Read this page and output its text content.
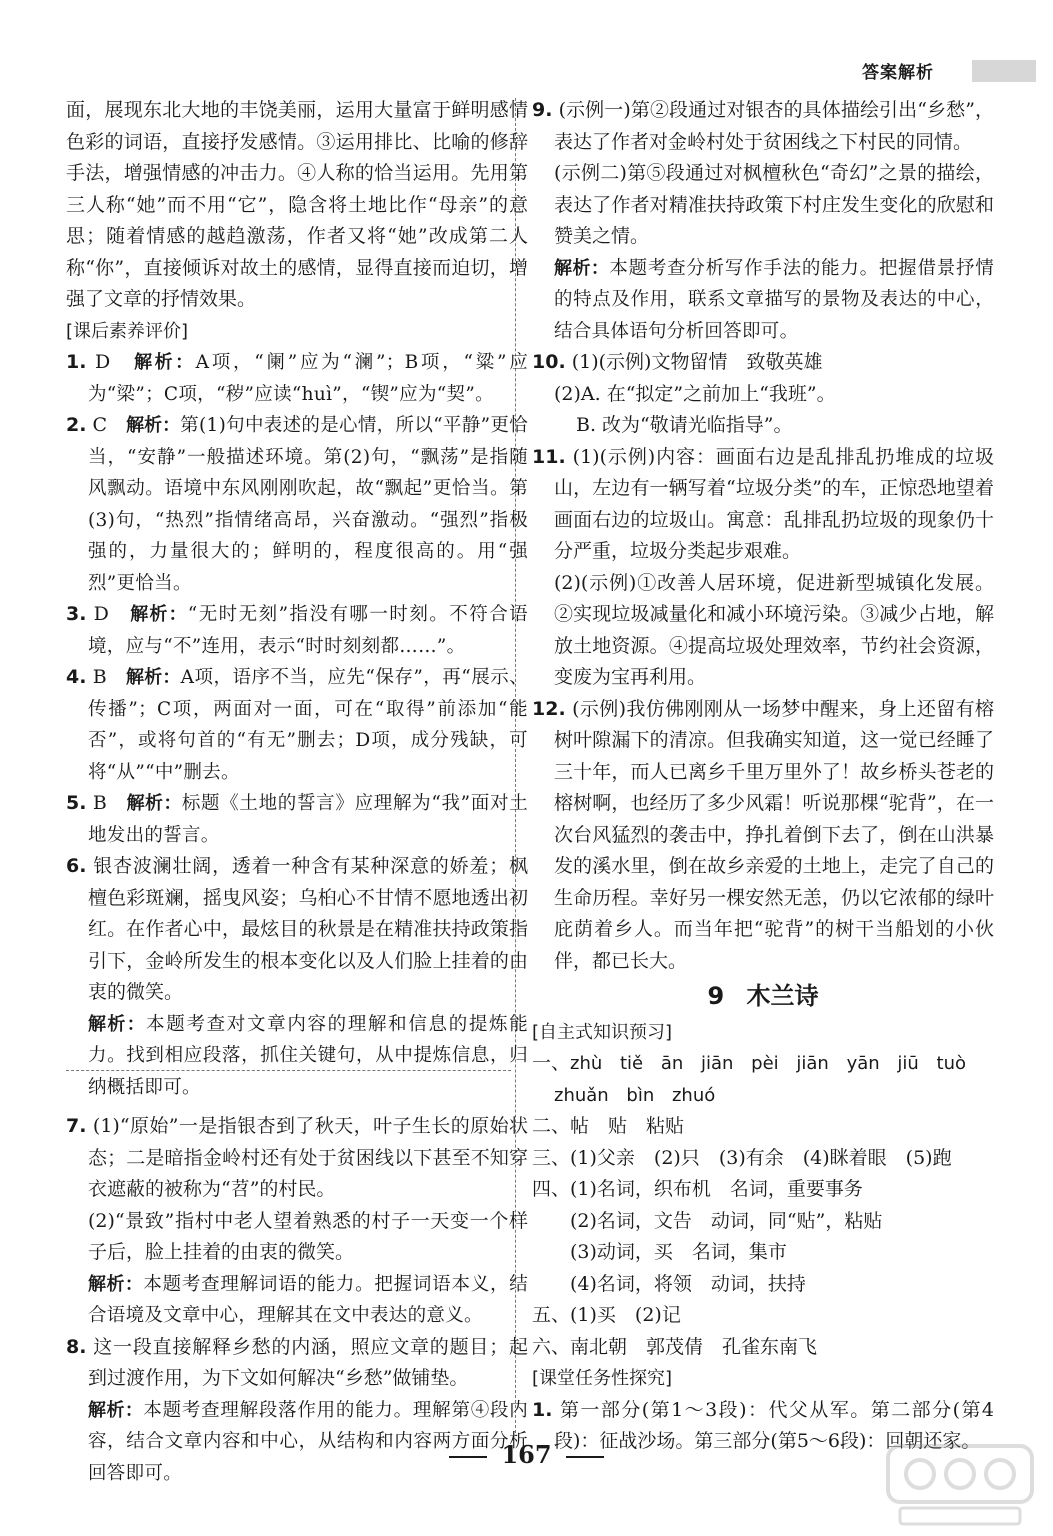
答案解析

面，展现东北大地的丰饶美丽，运用大量富于鲜明感情色彩的词语，直接抒发感情。③运用排比、比喻的修辞手法，增强情感的冲击力。④人称的恰当运用。先用第三人称“她”而不用“它”，隐含将土地比作“母亲”的意思；随着情感的越趋激荡，作者又将“她”改成第二人称“你”，直接倾诉对故土的感情，显得直接而迫切，增强了文章的抒情效果。

[课后素养评价]

1. D　 解析：A项，“阑”应为“澜”；B项，“粱”应为“梁”；C项，“秽”应读“huì”，“锲”应为“契”。

2. C　 解析：第(1)句中表述的是心情，所以“平静”更恰当，“安静”一般描述环境。第(2)句，“飘荡”是指随风飘动。语境中东风刚刚吹起，故“飘起”更恰当。第(3)句，“热烈”指情绪高昂，兴奋激动。“强烈”指极强的，力量很大的；鲜明的，程度很高的。用“强烈”更恰当。

3. D　 解析：“无时无刻”指没有哪一时刻。不符合语境，应与“不”连用，表示“时时刻刻都……”。

4. B　 解析：A项，语序不当，应先“保存”，再“展示、传播”；C项，两面对一面，可在“取得”前添加“能否”，或将句首的“有无”删去；D项，成分残缺，可将“从”“中”删去。

5. B　 解析：标题《土地的誓言》应理解为“我”面对土地发出的誓言。

6. 银杏波澜壮阔，透着一种含有某种深意的娇羞；枫檀色彩斑斓，摇曳风姿；乌桕心不甘情不愿地透出初红。在作者心中，最炫目的秋景是在精准扶持政策指引下，金岭所发生的根本变化以及人们脸上挂着的由衷的微笑。

解析：本题考查对文章内容的理解和信息的提炼能力。找到相应段落，抓住关键句，从中提炼信息，归纳概括即可。

7. (1)“原始”一是指银杏到了秋天，叶子生长的原始状态；二是暗指金岭村还有处于贫困线以下甚至不知穿衣遮蔽的被称为“苕”的村民。

(2)“景致”指村中老人望着熟悉的村子一天变一个样子后，脸上挂着的由衷的微笑。

解析：本题考查理解词语的能力。把握词语本义，结合语境及文章中心，理解其在文中表达的意义。

8. 这一段直接解释乡愁的内涵，照应文章的题目；起到过渡作用，为下文如何解决“乡愁”做铺垫。

解析：本题考查理解段落作用的能力。理解第④段内容，结合文章内容和中心，从结构和内容两方面分析回答即可。

9. (示例一)第②段通过对银杏的具体描绘引出“乡愁”，表达了作者对金岭村处于贫困线之下村民的同情。

(示例二)第⑤段通过对枫檀秋色“奇幻”之景的描绘，表达了作者对精准扶持政策下村庄发生变化的欣慰和赞美之情。

解析：本题考查分析写作手法的能力。把握借景抒情的特点及作用，联系文章描写的景物及表达的中心，结合具体语句分析回答即可。

10. (1)(示例)文物留情　致敬英雄

(2)A. 在“拟定”之前加上“我班”。

B. 改为“敬请光临指导”。

11. (1)(示例)内容：画面右边是乱排乱扔堆成的垃圾山，左边有一辆写着“垃圾分类”的车，正惊恐地望着画面右边的垃圾山。寓意：乱排乱扔垃圾的现象仍十分严重，垃圾分类起步艰难。

(2)(示例)①改善人居环境，促进新型城镇化发展。②实现垃圾减量化和减小环境污染。③减少占地，解放土地资源。④提高垃圾处理效率，节约社会资源，变废为宝再利用。

12. (示例)我仿佛刚刚从一场梦中醒来，身上还留有榕树叶隙漏下的清凉。但我确实知道，这一觉已经睡了三十年，而人已离乡千里万里外了！故乡桥头苍老的榕树啊，也经历了多少风霜！听说那棵“驼背”，在一次台风猛烈的袭击中，挣扎着倒下去了，倒在山洪暴发的溪水里，倒在故乡亲爱的土地上，走完了自己的生命历程。幸好另一棵安然无恙，仍以它浓郁的绿叶庇荫着乡人。而当年把“驼背”的树干当船划的小伙伴，都已长大。

9 木兰诗

[自主式知识预习]

一、zhù tiě ān jiān pèi jiān yān jiū tuò

zhuǎn bìn zhuó

二、帖　贴　粘贴

三、(1)父亲　(2)只　(3)有余　(4)眯着眼　(5)跑

四、(1)名词，织布机　名词，重要事务

(2)名词，文告　动词，同“贴”，粘贴

(3)动词，买　名词，集市

(4)名词，将领　动词，扶持

五、(1)买　(2)记

六、南北朝　郭茂倩　孔雀东南飞

[课堂任务性探究]

1. 第一部分(第1～3段)：代父从军。第二部分(第4段)：征战沙场。第三部分(第5～6段)：回朝还家。

167
